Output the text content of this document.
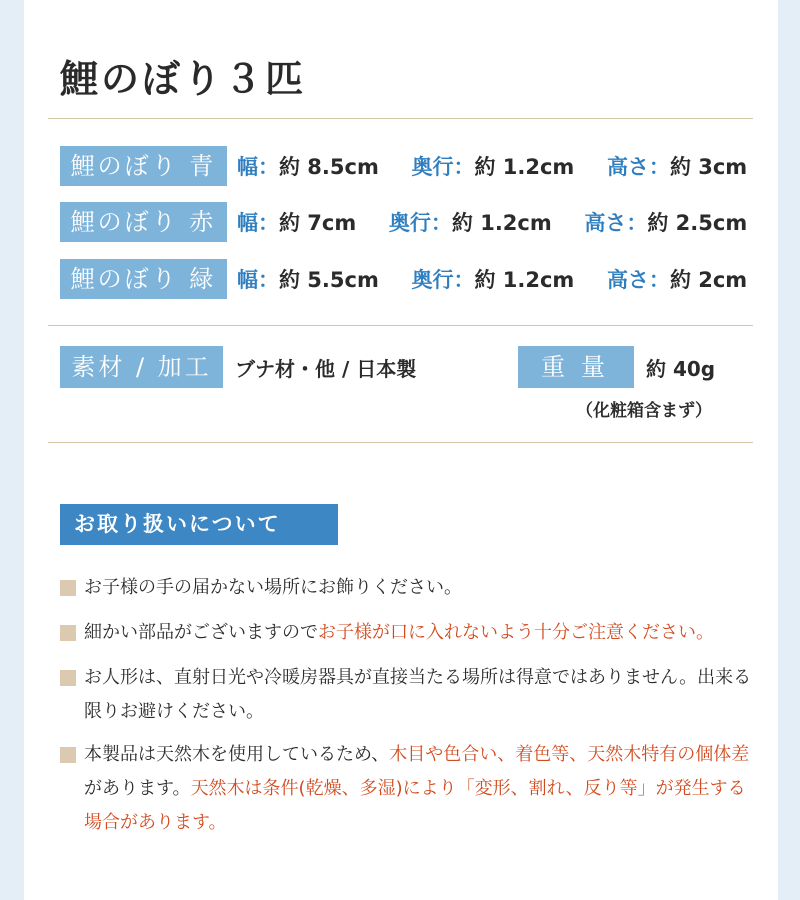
鯉のぼり３匹
鯉のぼり 青 幅：約 8.5cm 奥行：約 1.2cm 高さ：約 3cm
鯉のぼり 赤 幅：約 7cm 奥行：約 1.2cm 高さ：約 2.5cm
鯉のぼり 緑 幅：約 5.5cm 奥行：約 1.2cm 高さ：約 2cm
素材 / 加工	ブナ材・他 / 日本製	重量	約 40g
（化粧箱含まず）
お取り扱いについて
お子様の手の届かない場所にお飾りください。
細かい部品がございますのでお子様が口に入れないよう十分ご注意ください。
お人形は、直射日光や冷暖房器具が直接当たる場所は得意ではありません。出来る限りお避けください。
本製品は天然木を使用しているため、木目や色合い、着色等、天然木特有の個体差があります。天然木は条件(乾燥、多湿)により「変形、割れ、反り等」が発生する場合があります。
